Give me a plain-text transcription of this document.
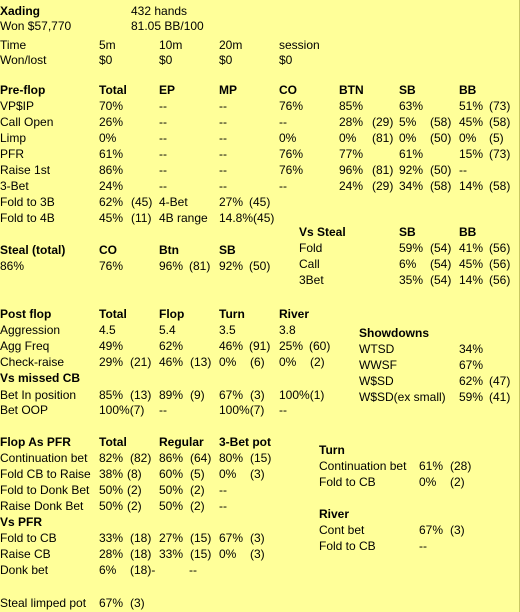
Xading	432 hands
Won $57,770	81.05 BB/100
Time	5m	10m	20m	session
Won/lost	$0	$0	$0	$0
Pre-flop	Total	EP	MP	CO	BTN	SB	BB
VP$IP	70%	--	--	76%	85%	63%	51% (73)
Call Open	26%	--	--	--	28% (29) 5% (58) 45% (58)
Limp	0%	--	--	0%	0% (81) 0% (50) 0% (5)
PFR	61%	--	--	76%	77%	61%	15% (73)
Raise 1st	86%	--	--	76%	96% (81) 92% (50) --
3-Bet	24%	--	--	--	24% (29) 34% (58) 14% (58)
Fold to 3B	62% (45) 4-Bet	27% (45)
Fold to 4B	45% (11) 4B range 14.8%(45)
Vs Steal	SB	BB
Fold	59% (54) 41% (56)
Call	6% (54) 45% (56)
3Bet	35% (54) 14% (56)
Steal (total)	CO	Btn	SB
86%	76%	96% (81) 92% (50)
Post flop	Total	Flop	Turn	River
Aggression	4.5	5.4	3.5	3.8
Agg Freq	49%	62%	46% (91) 25% (60)
Check-raise	29% (21) 46% (13) 0% (6) 0% (2)
Vs missed CB
Bet In position 85% (13) 89% (9) 67% (3) 100%(1)
Bet OOP	100%(7) --	100%(7) --
Showdowns
WTSD	34%
WWSF	67%
W$SD	62% (47)
W$SD(ex small) 59% (41)
Flop As PFR Total	Regular 3-Bet pot
Continuation bet 82% (82) 86% (64) 80% (15)
Fold CB to Raise 38% (8) 60% (5) 0% (3)
Fold to Donk Bet 50% (2) 50% (2) --
Raise Donk Bet 50% (2) 50% (2) --
Vs PFR
Fold to CB	33% (18) 27% (15) 67% (3)
Raise CB	28% (18) 33% (15) 0% (3)
Donk bet	6% (18)-	--
Turn
Continuation bet 61% (28)
Fold to CB	0% (2)
River
Cont bet	67% (3)
Fold to CB	--
Steal limped pot 67% (3)
